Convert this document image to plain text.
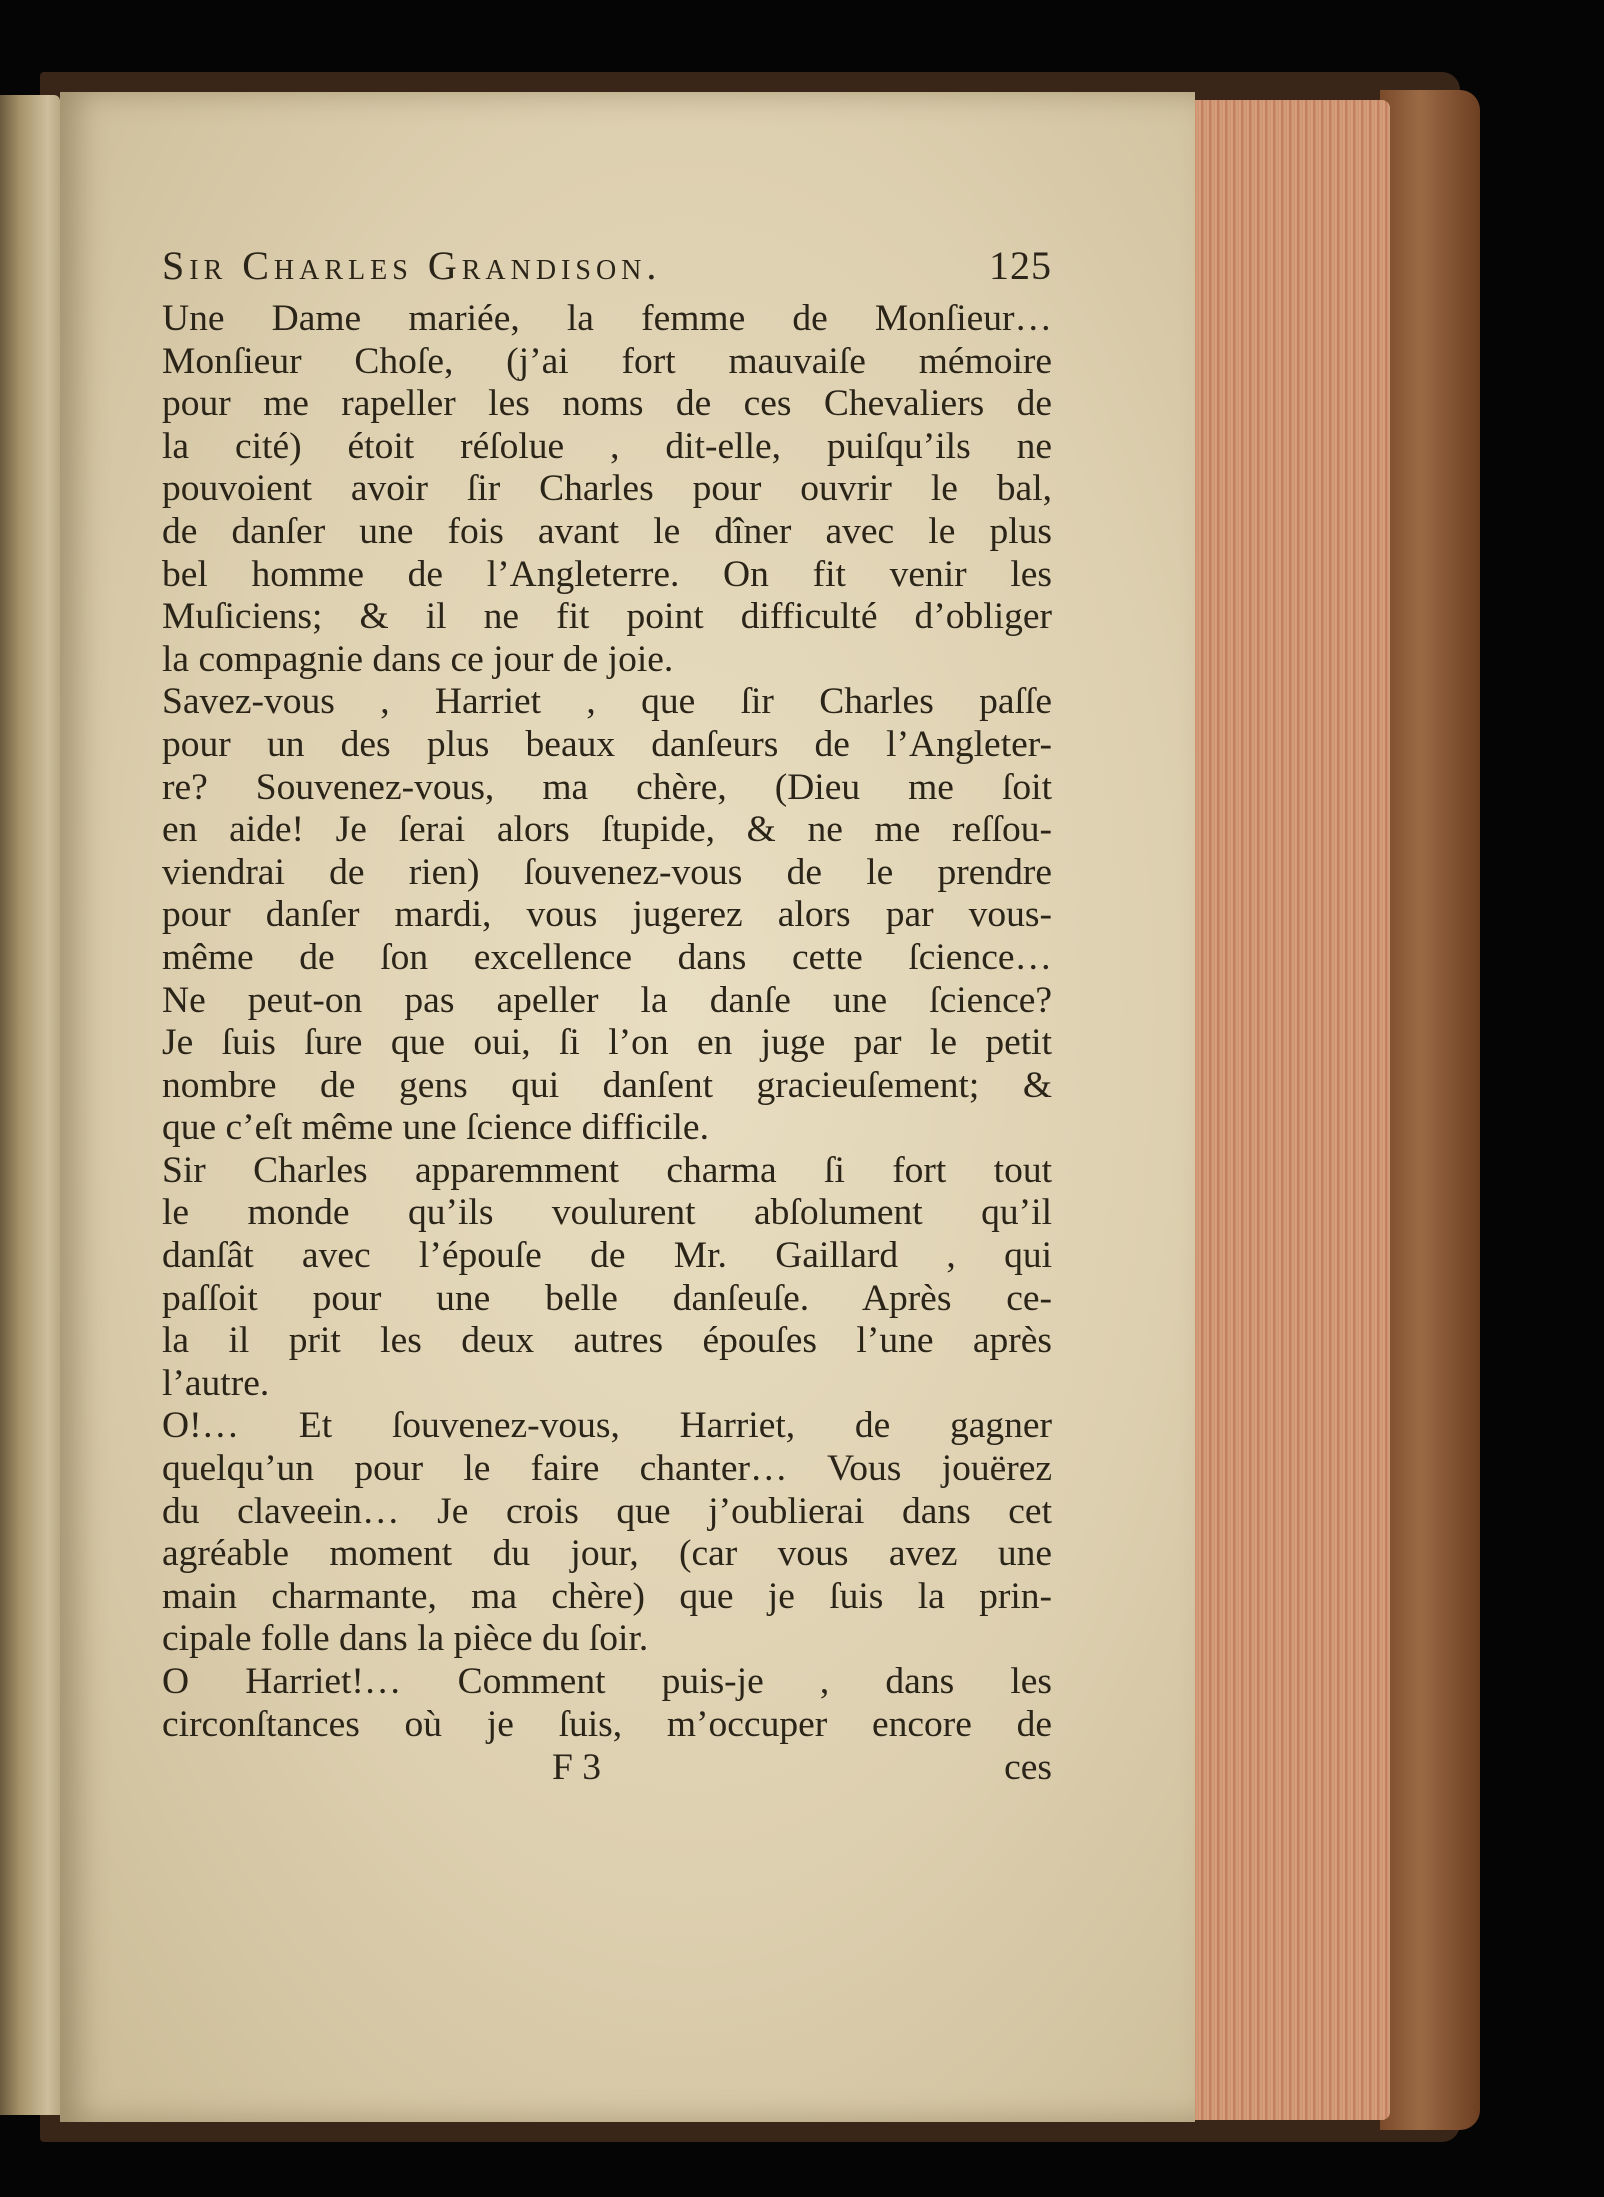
Sir Charles Grandison.	125
Une Dame mariée, la femme de Monſieur…
Monſieur Choſe, (j’ai fort mauvaiſe mémoire
pour me rapeller les noms de ces Chevaliers de
la cité) étoit réſolue , dit-elle, puiſqu’ils ne
pouvoient avoir ſir Charles pour ouvrir le bal,
de danſer une fois avant le dîner avec le plus
bel homme de l’Angleterre. On fit venir les
Muſiciens; & il ne fit point difficulté d’obliger
la compagnie dans ce jour de joie.
Savez-vous , Harriet , que ſir Charles paſſe
pour un des plus beaux danſeurs de l’Angleter-
re? Souvenez-vous, ma chère, (Dieu me ſoit
en aide! Je ſerai alors ſtupide, & ne me reſſou-
viendrai de rien) ſouvenez-vous de le prendre
pour danſer mardi, vous jugerez alors par vous-
même de ſon excellence dans cette ſcience…
Ne peut-on pas apeller la danſe une ſcience?
Je ſuis ſure que oui, ſi l’on en juge par le petit
nombre de gens qui danſent gracieuſement; &
que c’eſt même une ſcience difficile.
Sir Charles apparemment charma ſi fort tout
le monde qu’ils voulurent abſolument qu’il
danſât avec l’épouſe de Mr. Gaillard , qui
paſſoit pour une belle danſeuſe. Après ce-
la il prit les deux autres épouſes l’une après
l’autre.
O!… Et ſouvenez-vous, Harriet, de gagner
quelqu’un pour le faire chanter… Vous jouërez
du claveein… Je crois que j’oublierai dans cet
agréable moment du jour, (car vous avez une
main charmante, ma chère) que je ſuis la prin-
cipale folle dans la pièce du ſoir.
O Harriet!… Comment puis-je , dans les
circonſtances où je ſuis, m’occuper encore de
F 3	ces
